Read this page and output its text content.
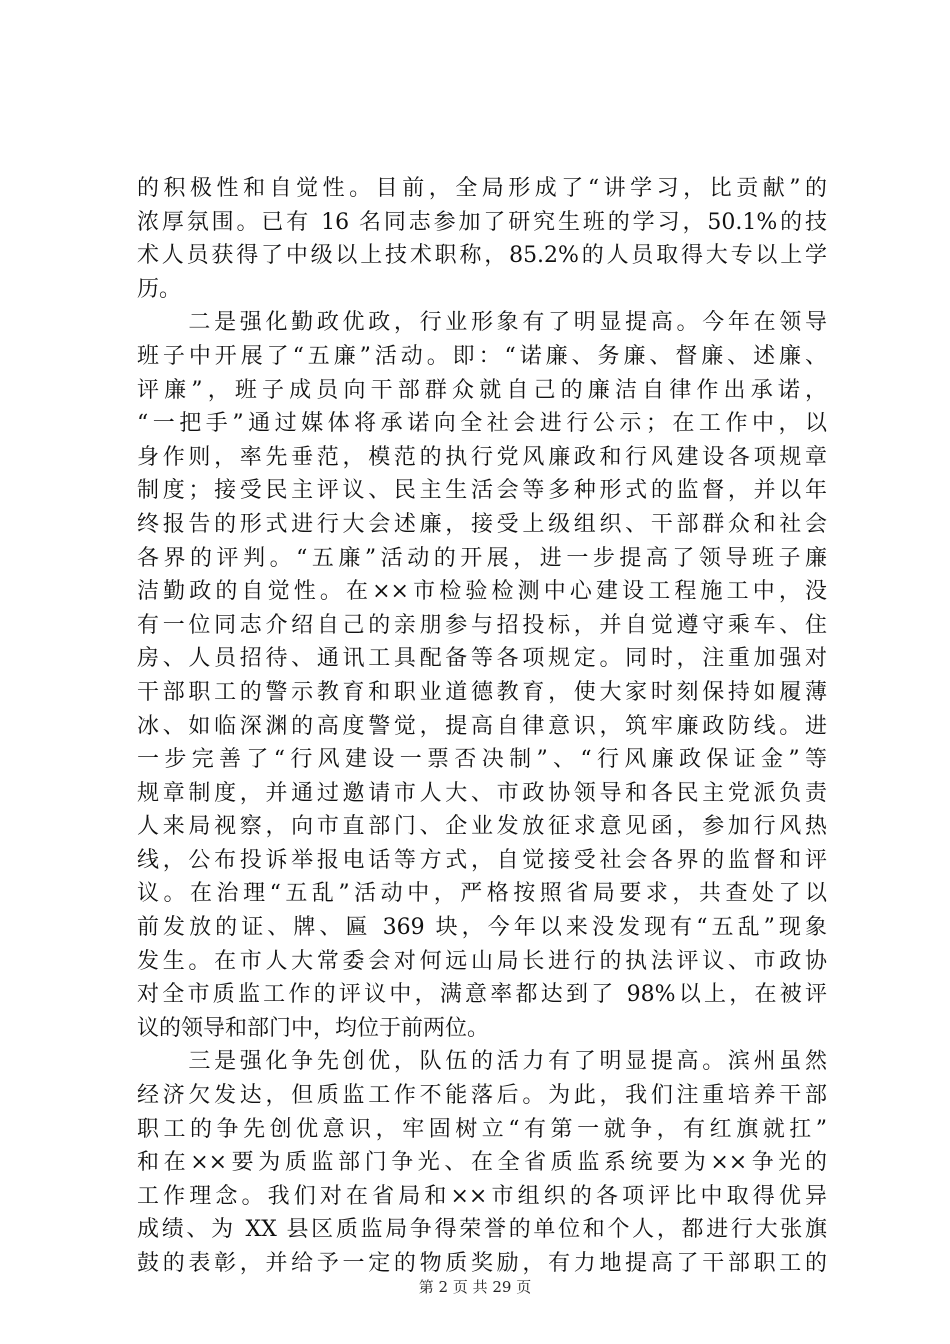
的积极性和自觉性。目前，全局形成了“讲学习，比贡献”的
浓厚氛围。已有 16 名同志参加了研究生班的学习，50.1%的技
术人员获得了中级以上技术职称，85.2%的人员取得大专以上学
历。
　　二是强化勤政优政，行业形象有了明显提高。今年在领导
班子中开展了“五廉”活动。即：“诺廉、务廉、督廉、述廉、
评廉”，班子成员向干部群众就自己的廉洁自律作出承诺，
“一把手”通过媒体将承诺向全社会进行公示；在工作中，以
身作则，率先垂范，模范的执行党风廉政和行风建设各项规章
制度；接受民主评议、民主生活会等多种形式的监督，并以年
终报告的形式进行大会述廉，接受上级组织、干部群众和社会
各界的评判。“五廉”活动的开展，进一步提高了领导班子廉
洁勤政的自觉性。在××市检验检测中心建设工程施工中，没
有一位同志介绍自己的亲朋参与招投标，并自觉遵守乘车、住
房、人员招待、通讯工具配备等各项规定。同时，注重加强对
干部职工的警示教育和职业道德教育，使大家时刻保持如履薄
冰、如临深渊的高度警觉，提高自律意识，筑牢廉政防线。进
一步完善了“行风建设一票否决制”、“行风廉政保证金”等
规章制度，并通过邀请市人大、市政协领导和各民主党派负责
人来局视察，向市直部门、企业发放征求意见函，参加行风热
线，公布投诉举报电话等方式，自觉接受社会各界的监督和评
议。在治理“五乱”活动中，严格按照省局要求，共查处了以
前发放的证、牌、匾 369 块，今年以来没发现有“五乱”现象
发生。在市人大常委会对何远山局长进行的执法评议、市政协
对全市质监工作的评议中，满意率都达到了 98%以上，在被评
议的领导和部门中，均位于前两位。
　　三是强化争先创优，队伍的活力有了明显提高。滨州虽然
经济欠发达，但质监工作不能落后。为此，我们注重培养干部
职工的争先创优意识，牢固树立“有第一就争，有红旗就扛”
和在××要为质监部门争光、在全省质监系统要为××争光的
工作理念。我们对在省局和××市组织的各项评比中取得优异
成绩、为 XX 县区质监局争得荣誉的单位和个人，都进行大张旗
鼓的表彰，并给予一定的物质奖励，有力地提高了干部职工的
第 2 页 共 29 页
